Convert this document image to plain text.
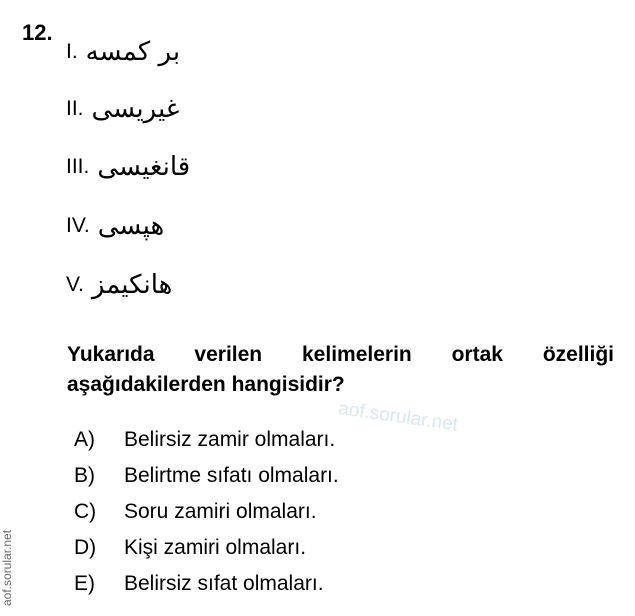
12.
I. بر كمسه
II. غيريسى
III. قانغيسى
IV. هپسى
V. هانكيمز
Yukarıda verilen kelimelerin ortak özelliği aşağıdakilerden hangisidir?
A)	Belirsiz zamir olmaları.
B)	Belirtme sıfatı olmaları.
C)	Soru zamiri olmaları.
D)	Kişi zamiri olmaları.
E)	Belirsiz sıfat olmaları.
aof.sorular.net
aof.sorular.net
